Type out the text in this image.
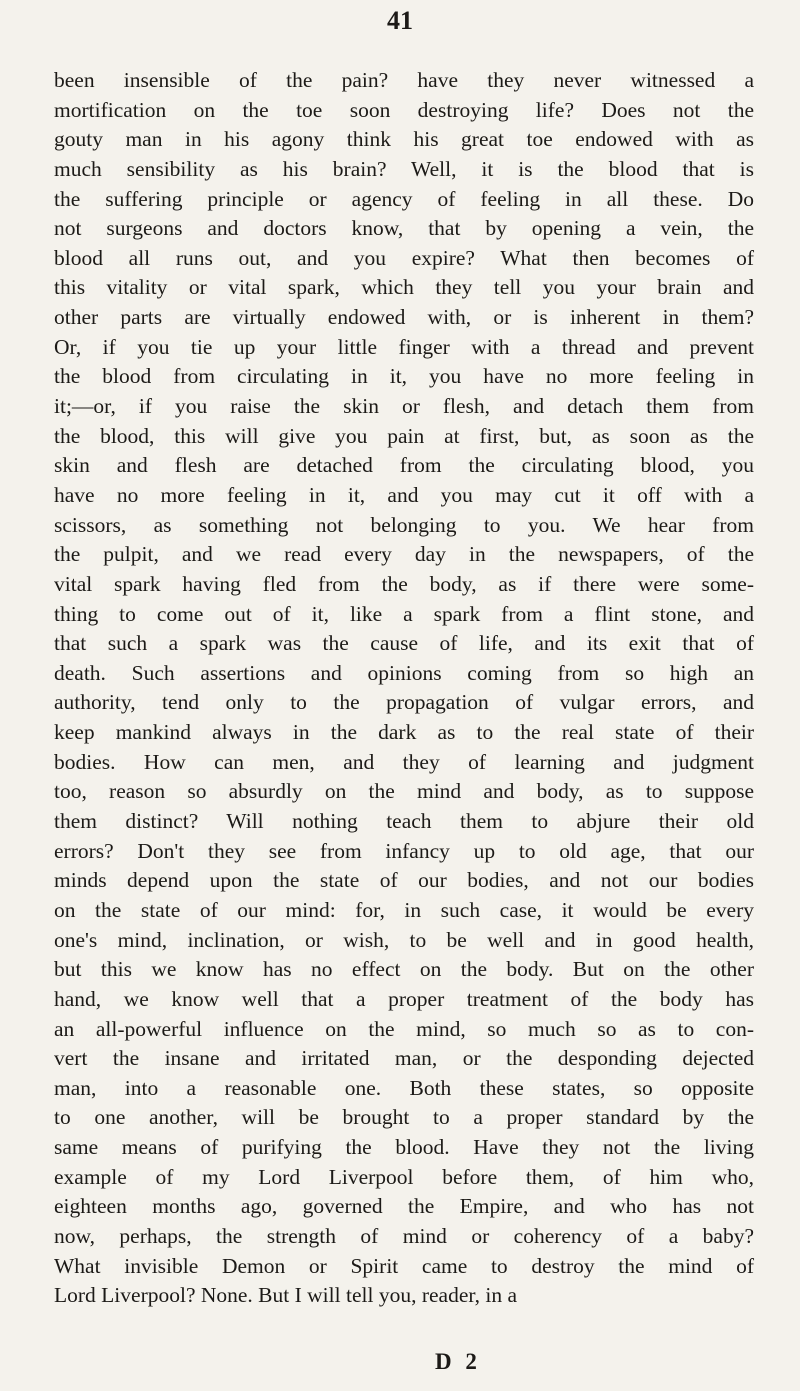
41
been insensible of the pain? have they never witnessed a
mortification on the toe soon destroying life? Does not the
gouty man in his agony think his great toe endowed with as
much sensibility as his brain? Well, it is the blood that is
the suffering principle or agency of feeling in all these. Do
not surgeons and doctors know, that by opening a vein, the
blood all runs out, and you expire? What then becomes of
this vitality or vital spark, which they tell you your brain and
other parts are virtually endowed with, or is inherent in them?
Or, if you tie up your little finger with a thread and prevent
the blood from circulating in it, you have no more feeling in
it;—or, if you raise the skin or flesh, and detach them from
the blood, this will give you pain at first, but, as soon as the
skin and flesh are detached from the circulating blood, you
have no more feeling in it, and you may cut it off with a
scissors, as something not belonging to you. We hear from
the pulpit, and we read every day in the newspapers, of the
vital spark having fled from the body, as if there were some-
thing to come out of it, like a spark from a flint stone, and
that such a spark was the cause of life, and its exit that of
death. Such assertions and opinions coming from so high an
authority, tend only to the propagation of vulgar errors, and
keep mankind always in the dark as to the real state of their
bodies. How can men, and they of learning and judgment
too, reason so absurdly on the mind and body, as to suppose
them distinct? Will nothing teach them to abjure their old
errors? Don't they see from infancy up to old age, that our
minds depend upon the state of our bodies, and not our bodies
on the state of our mind: for, in such case, it would be every
one's mind, inclination, or wish, to be well and in good health,
but this we know has no effect on the body. But on the other
hand, we know well that a proper treatment of the body has
an all-powerful influence on the mind, so much so as to con-
vert the insane and irritated man, or the desponding dejected
man, into a reasonable one. Both these states, so opposite
to one another, will be brought to a proper standard by the
same means of purifying the blood. Have they not the living
example of my Lord Liverpool before them, of him who,
eighteen months ago, governed the Empire, and who has not
now, perhaps, the strength of mind or coherency of a baby?
What invisible Demon or Spirit came to destroy the mind of
Lord Liverpool? None. But I will tell you, reader, in a
D 2
